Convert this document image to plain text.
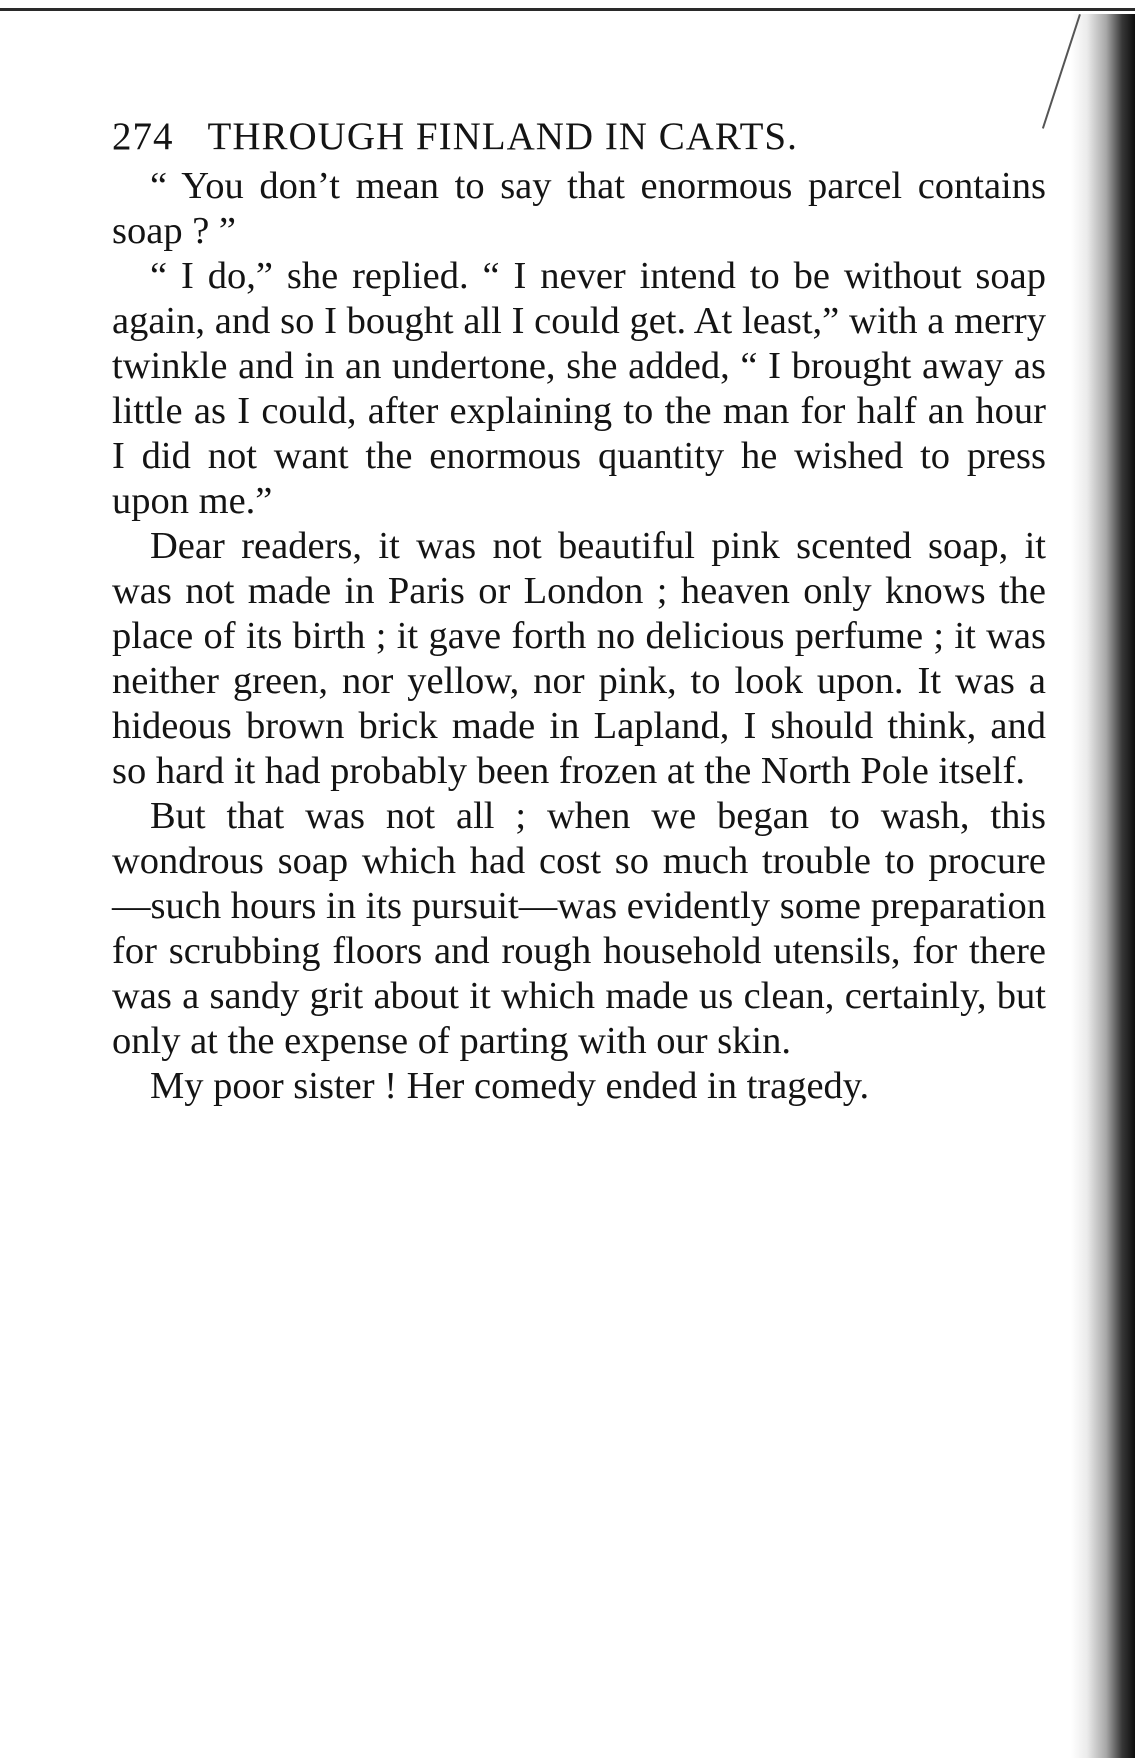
274 THROUGH FINLAND IN CARTS.

“ You don’t mean to say that enormous parcel contains soap ? ”

“ I do,” she replied. “ I never intend to be without soap again, and so I bought all I could get. At least,” with a merry twinkle and in an undertone, she added, “ I brought away as little as I could, after explaining to the man for half an hour I did not want the enormous quantity he wished to press upon me.”

Dear readers, it was not beautiful pink scented soap, it was not made in Paris or London ; heaven only knows the place of its birth ; it gave forth no delicious perfume ; it was neither green, nor yellow, nor pink, to look upon. It was a hideous brown brick made in Lapland, I should think, and so hard it had probably been frozen at the North Pole itself.

But that was not all ; when we began to wash, this wondrous soap which had cost so much trouble to procure—such hours in its pursuit—was evidently some preparation for scrubbing floors and rough household utensils, for there was a sandy grit about it which made us clean, certainly, but only at the expense of parting with our skin.

My poor sister ! Her comedy ended in tragedy.
